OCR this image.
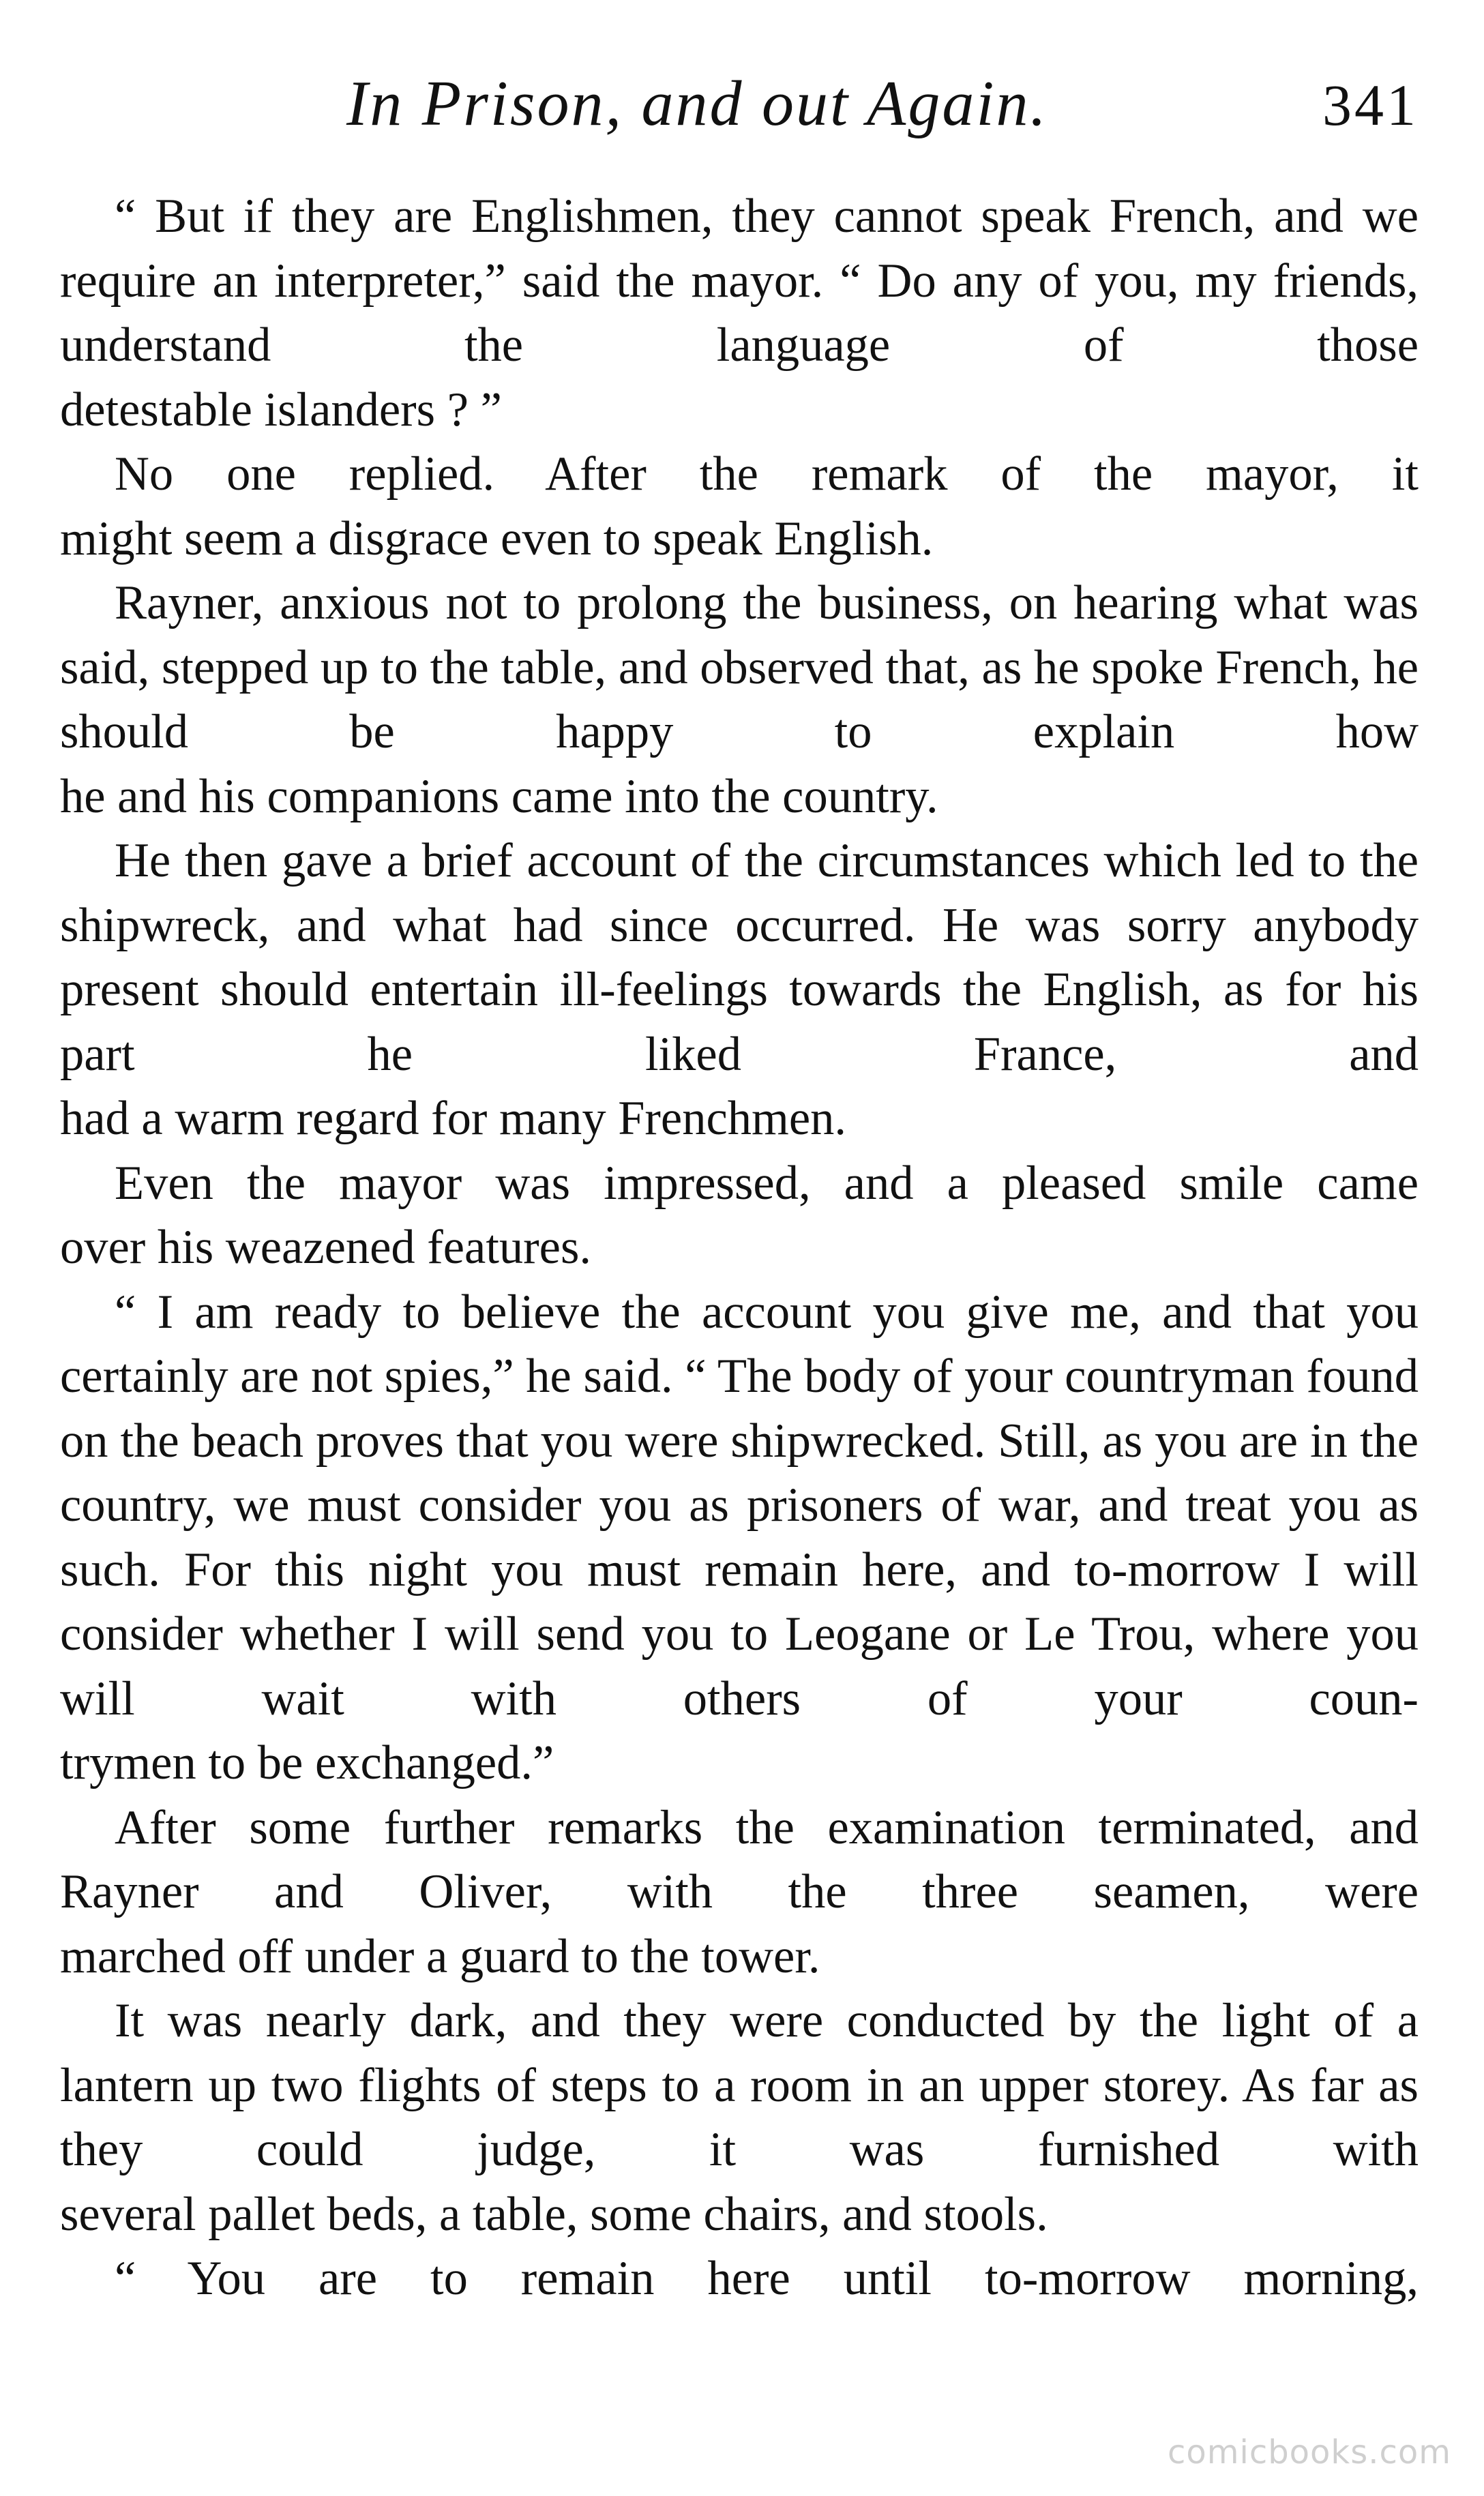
In Prison, and out Again.	341

“ But if they are Englishmen, they cannot speak French, and we require an interpreter,” said the mayor. “ Do any of you, my friends, understand the language of those
detestable islanders ? ”

No one replied. After the remark of the mayor, it
might seem a disgrace even to speak English.

Rayner, anxious not to prolong the business, on hearing what was said, stepped up to the table, and observed that, as he spoke French, he should be happy to explain how
he and his companions came into the country.

He then gave a brief account of the circumstances which led to the shipwreck, and what had since occurred. He was sorry anybody present should entertain ill-feelings towards the English, as for his part he liked France, and
had a warm regard for many Frenchmen.

Even the mayor was impressed, and a pleased smile came
over his weazened features.

“ I am ready to believe the account you give me, and that you certainly are not spies,” he said. “ The body of your countryman found on the beach proves that you were shipwrecked. Still, as you are in the country, we must consider you as prisoners of war, and treat you as such. For this night you must remain here, and to-morrow I will consider whether I will send you to Leogane or Le Trou, where you will wait with others of your coun-
trymen to be exchanged.”

After some further remarks the examination terminated, and Rayner and Oliver, with the three seamen, were
marched off under a guard to the tower.

It was nearly dark, and they were conducted by the light of a lantern up two flights of steps to a room in an upper storey. As far as they could judge, it was furnished with
several pallet beds, a table, some chairs, and stools.

“ You are to remain here until to-morrow morning,

comicbooks.com
